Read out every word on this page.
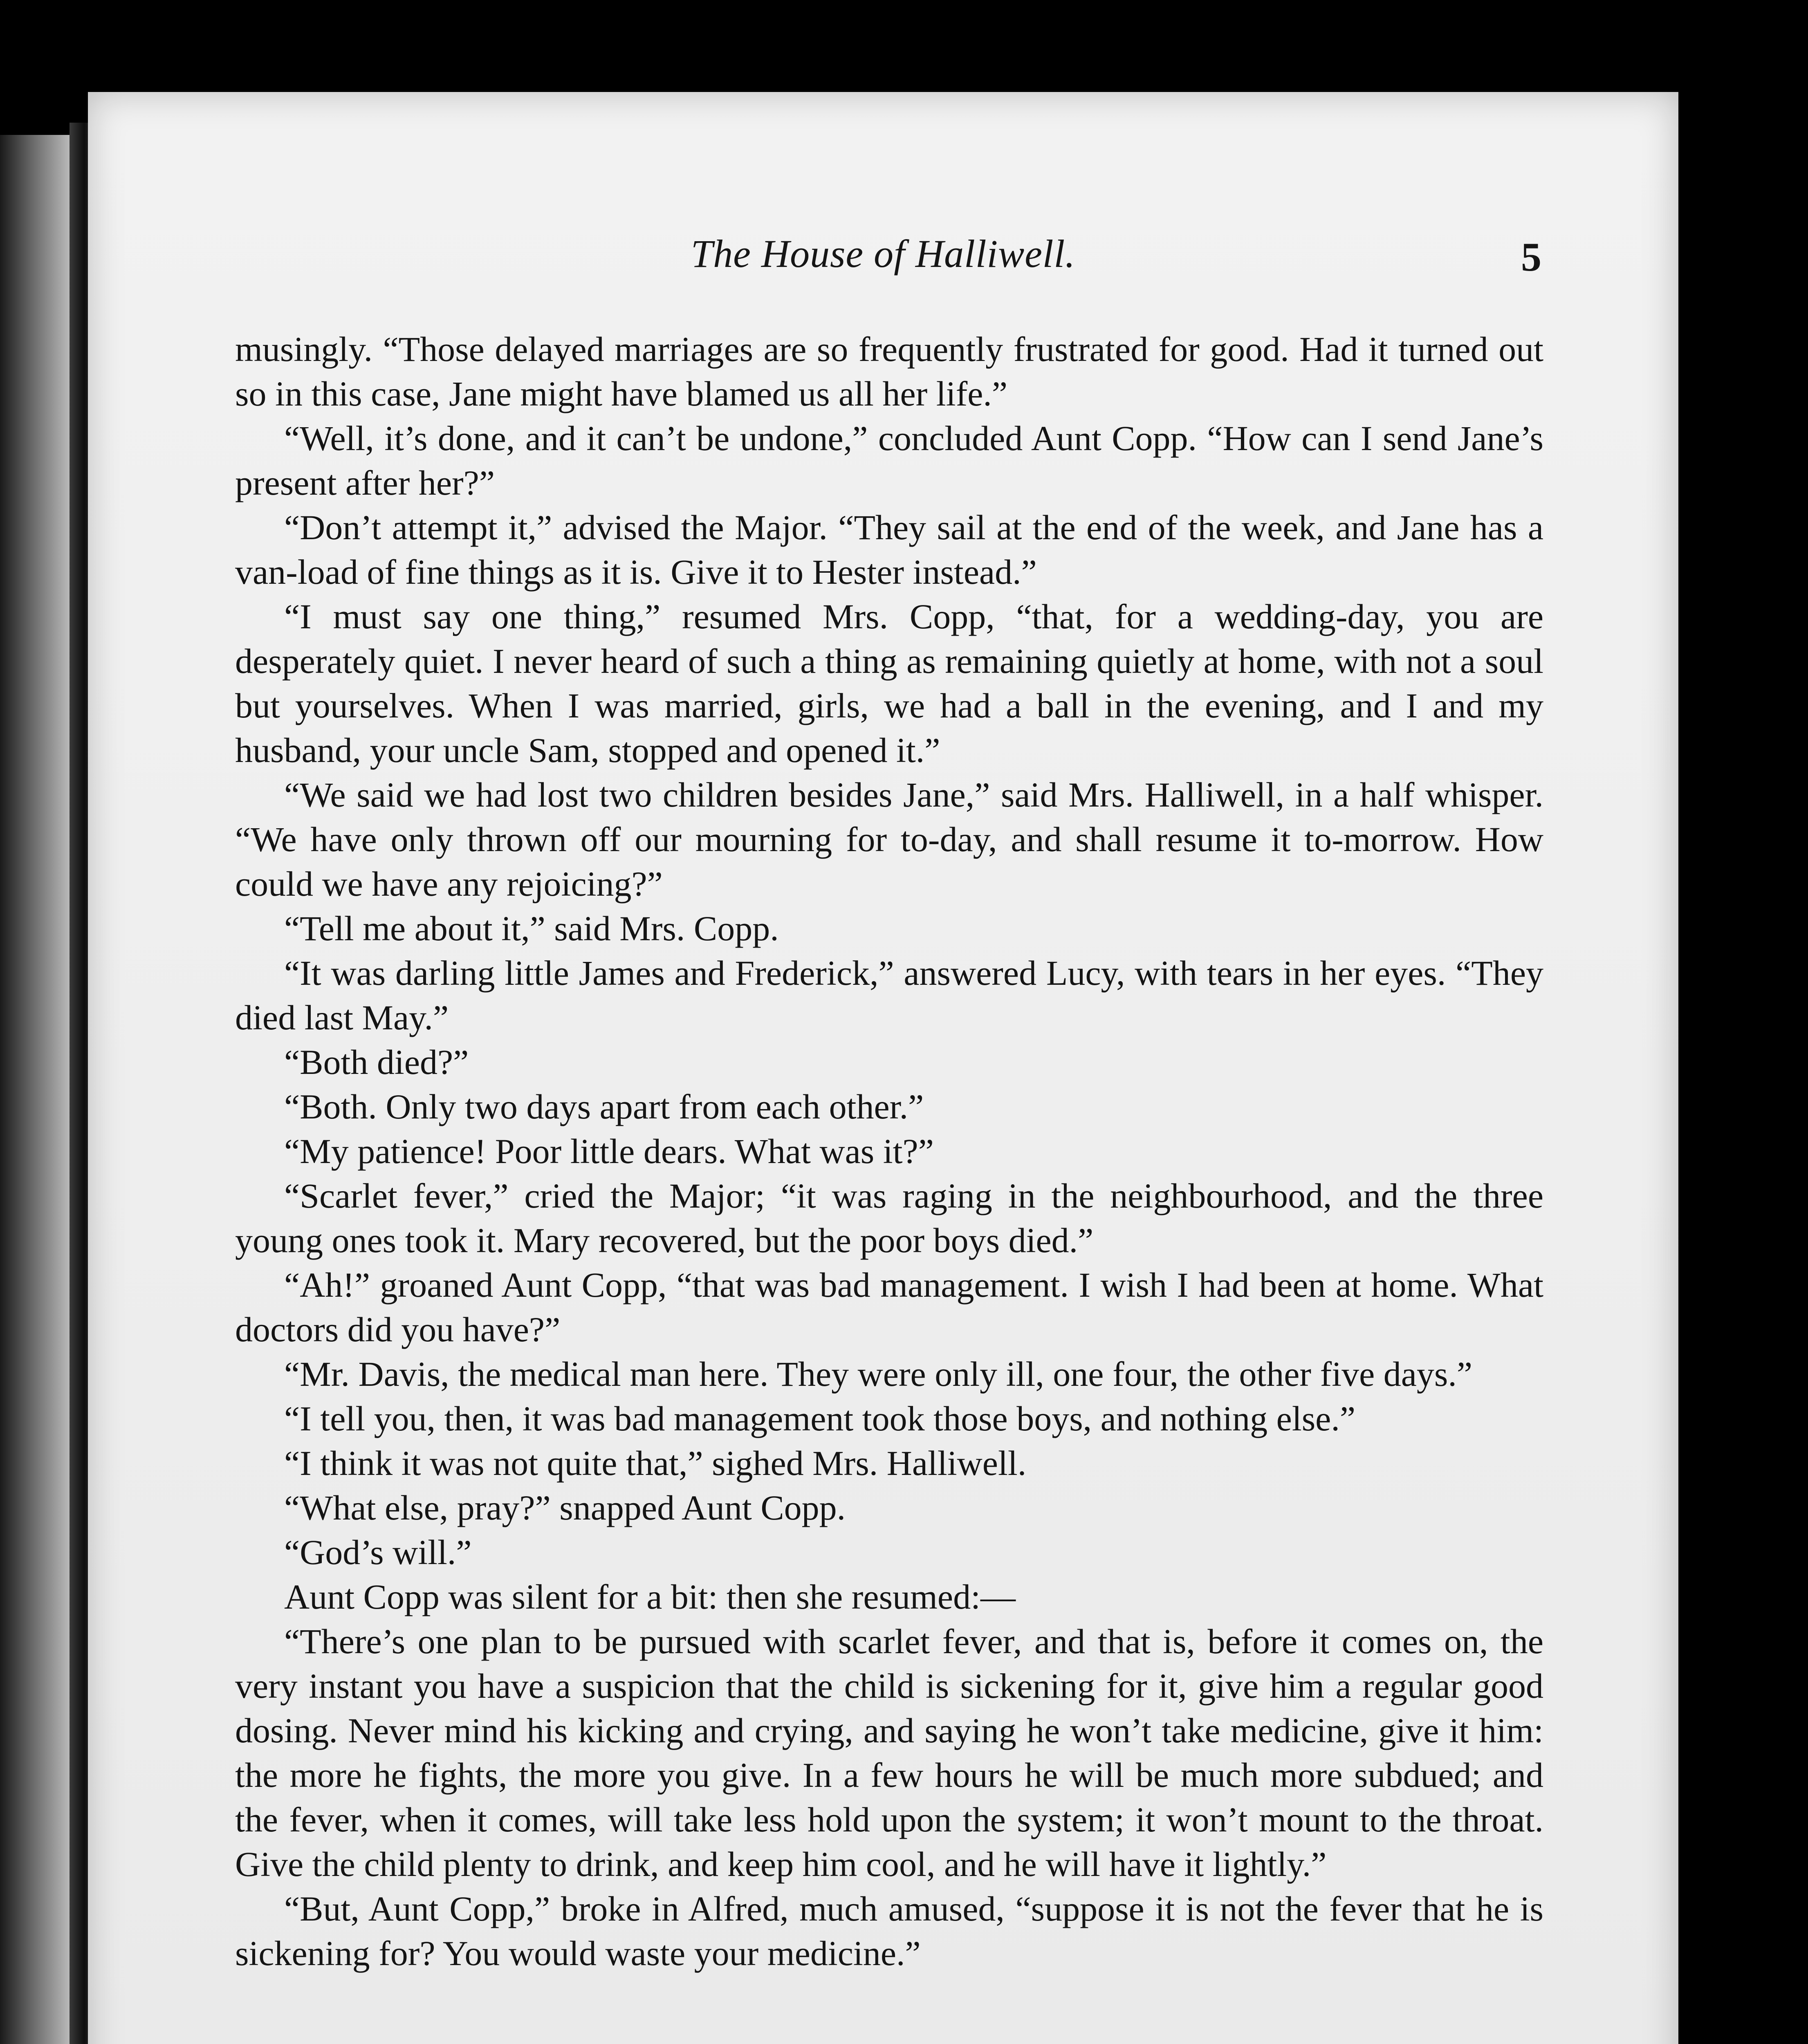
The House of Halliwell.	5

musingly. “Those delayed marriages are so frequently frustrated for good. Had it turned out so in this case, Jane might have blamed us all her life.”

“Well, it’s done, and it can’t be undone,” concluded Aunt Copp. “How can I send Jane’s present after her?”

“Don’t attempt it,” advised the Major. “They sail at the end of the week, and Jane has a van-load of fine things as it is. Give it to Hester instead.”

“I must say one thing,” resumed Mrs. Copp, “that, for a wedding-day, you are desperately quiet. I never heard of such a thing as remaining quietly at home, with not a soul but yourselves. When I was married, girls, we had a ball in the evening, and I and my husband, your uncle Sam, stopped and opened it.”

“We said we had lost two children besides Jane,” said Mrs. Halliwell, in a half whisper. “We have only thrown off our mourning for to-day, and shall resume it to-morrow. How could we have any rejoicing?”

“Tell me about it,” said Mrs. Copp.

“It was darling little James and Frederick,” answered Lucy, with tears in her eyes. “They died last May.”

“Both died?”

“Both. Only two days apart from each other.”

“My patience! Poor little dears. What was it?”

“Scarlet fever,” cried the Major; “it was raging in the neighbourhood, and the three young ones took it. Mary recovered, but the poor boys died.”

“Ah!” groaned Aunt Copp, “that was bad management. I wish I had been at home. What doctors did you have?”

“Mr. Davis, the medical man here. They were only ill, one four, the other five days.”

“I tell you, then, it was bad management took those boys, and nothing else.”

“I think it was not quite that,” sighed Mrs. Halliwell.

“What else, pray?” snapped Aunt Copp.

“God’s will.”

Aunt Copp was silent for a bit: then she resumed:—

“There’s one plan to be pursued with scarlet fever, and that is, before it comes on, the very instant you have a suspicion that the child is sickening for it, give him a regular good dosing. Never mind his kicking and crying, and saying he won’t take medicine, give it him: the more he fights, the more you give. In a few hours he will be much more subdued; and the fever, when it comes, will take less hold upon the system; it won’t mount to the throat. Give the child plenty to drink, and keep him cool, and he will have it lightly.”

“But, Aunt Copp,” broke in Alfred, much amused, “suppose it is not the fever that he is sickening for? You would waste your medicine.”
